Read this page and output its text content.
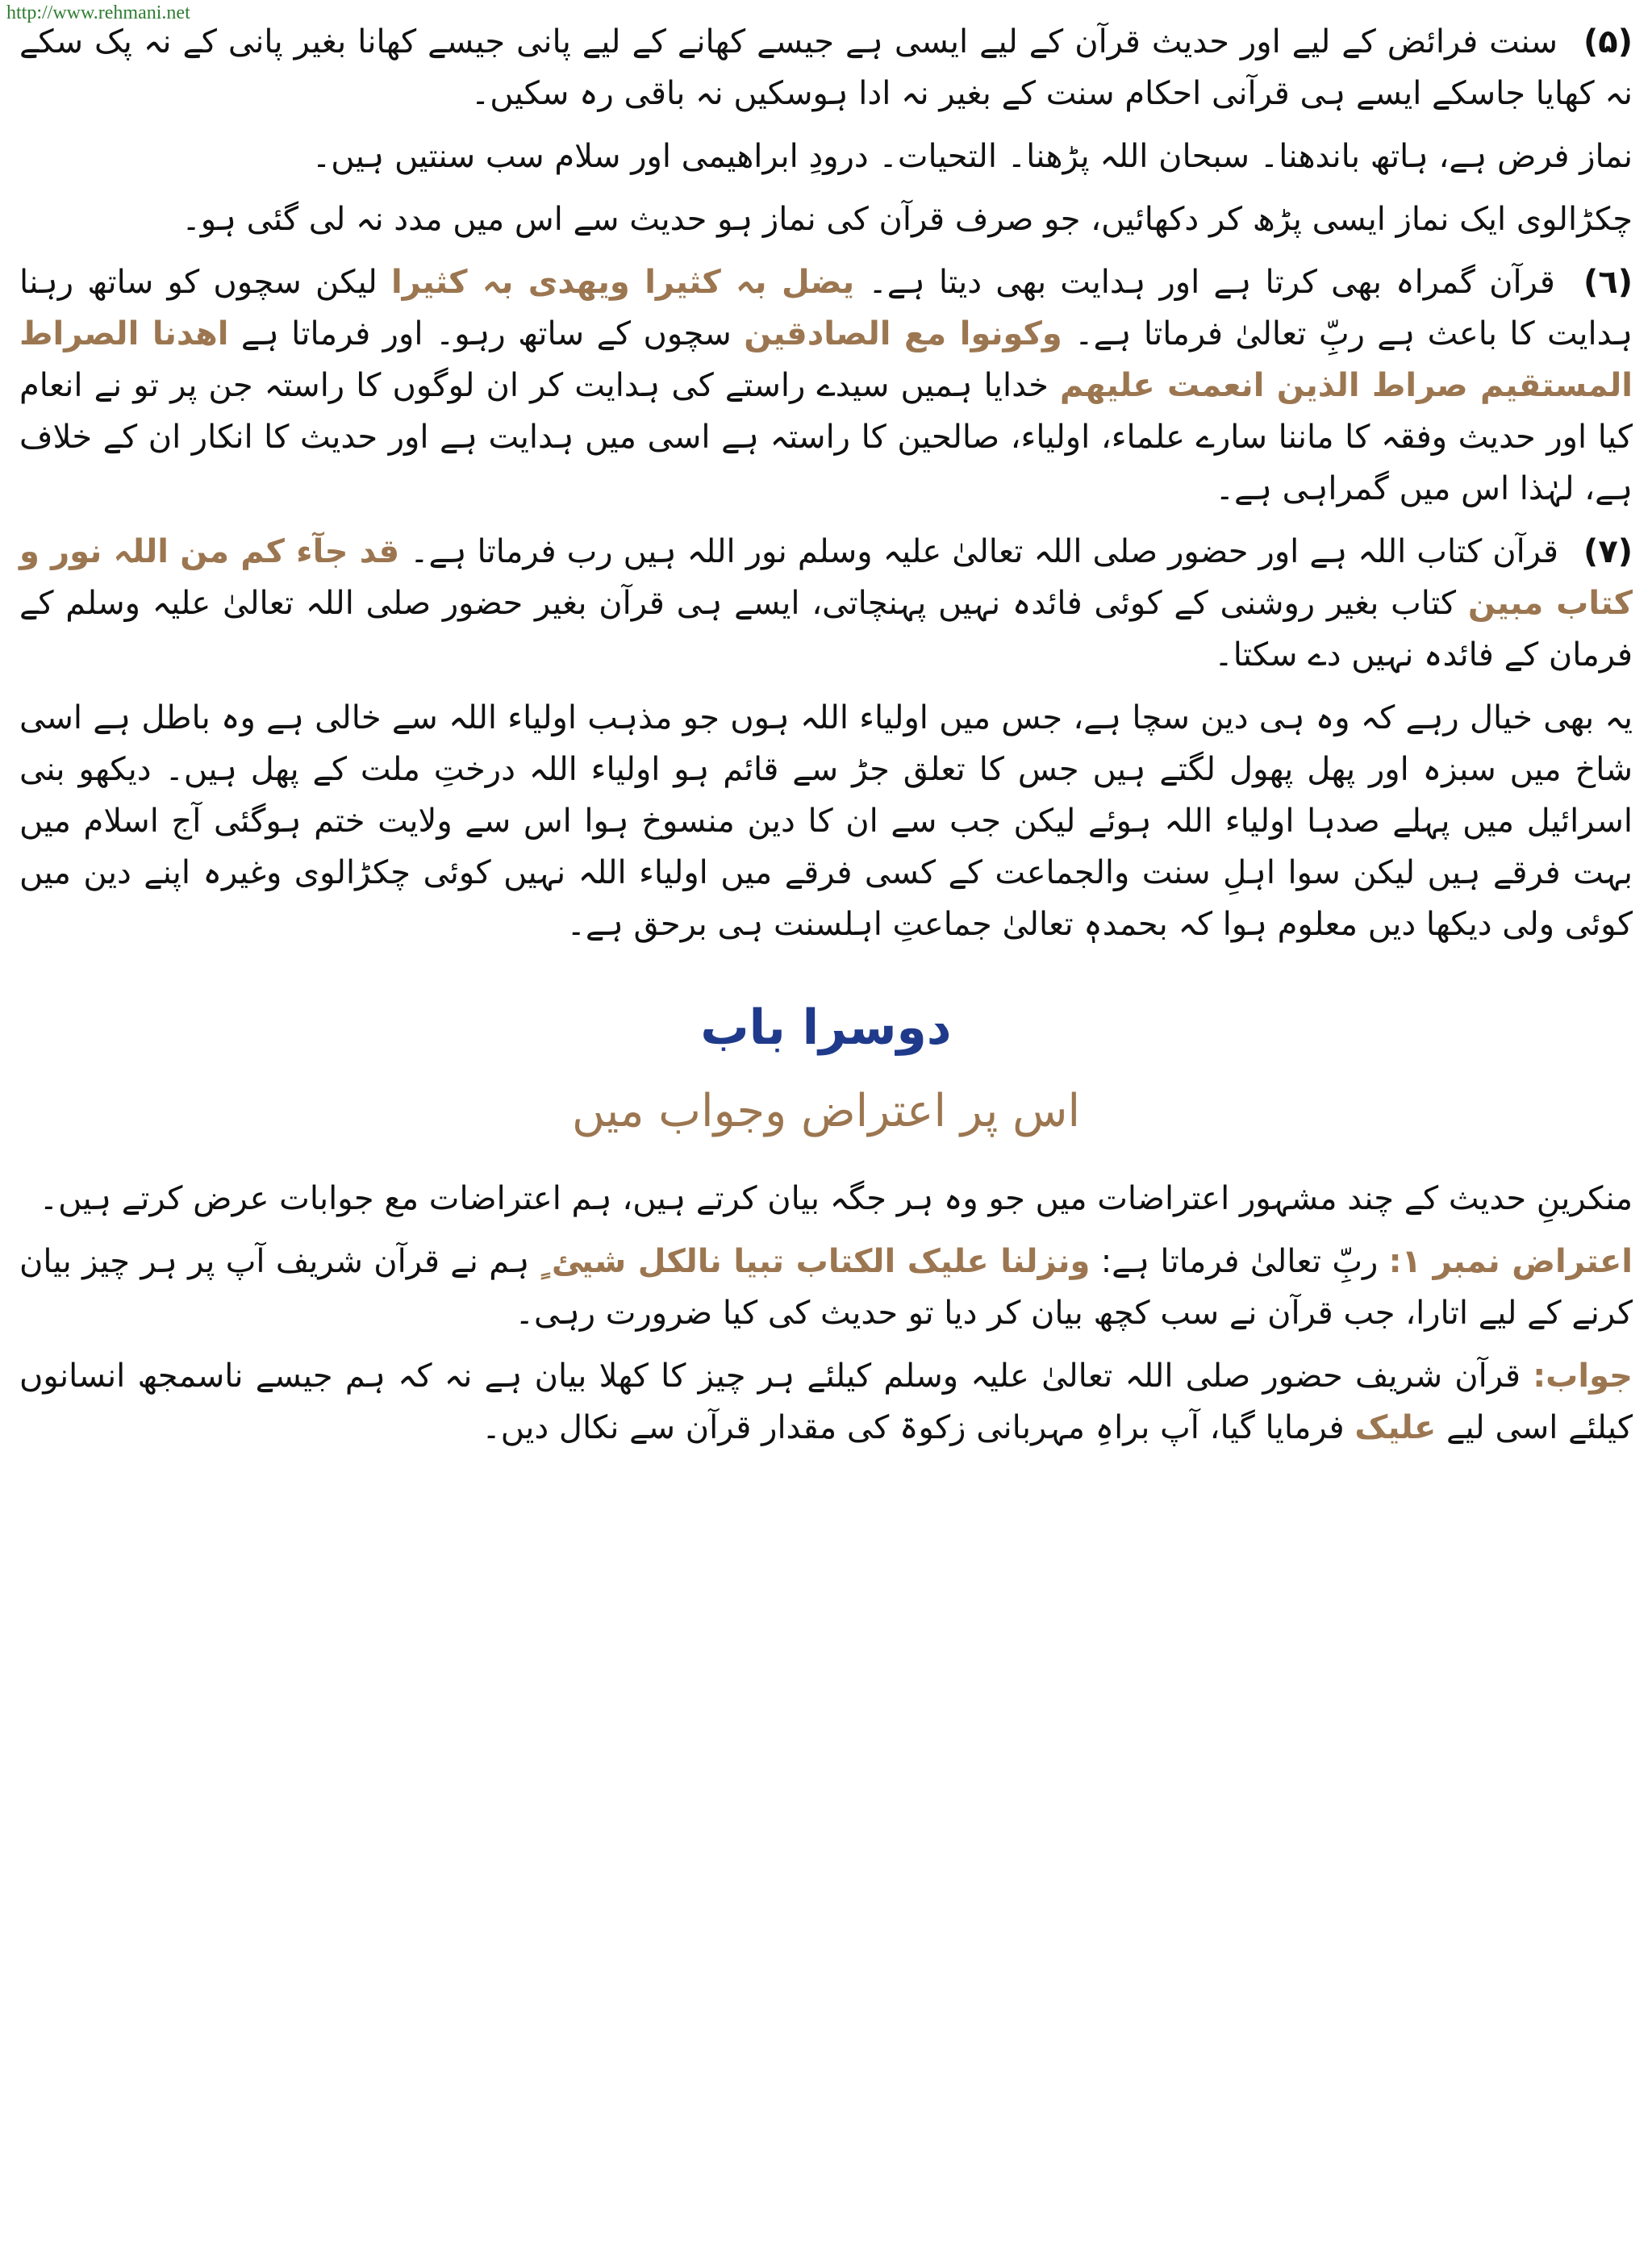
http://www.rehmani.net

(۵) سنت فرائض کے لیے اور حدیث قرآن کے لیے ایسی ہے جیسے کھانے کے لیے پانی جیسے کھانا بغیر پانی کے نہ پک سکے نہ کھایا جاسکے ایسے ہی قرآنی احکام سنت کے بغیر نہ ادا ہوسکیں نہ باقی رہ سکیں۔

نماز فرض ہے، ہاتھ باندھنا۔ سبحان اللہ پڑھنا۔ التحیات۔ درودِ ابراھیمی اور سلام سب سنتیں ہیں۔

چکڑالوی ایک نماز ایسی پڑھ کر دکھائیں، جو صرف قرآن کی نماز ہو حدیث سے اس میں مدد نہ لی گئی ہو۔

(٦) قرآن گمراہ بھی کرتا ہے اور ہدایت بھی دیتا ہے۔ یضل بہ کثیرا ویھدی بہ کثیرا لیکن سچوں کو ساتھ رہنا ہدایت کا باعث ہے ربِّ تعالیٰ فرماتا ہے۔ وکونوا مع الصادقین سچوں کے ساتھ رہو۔ اور فرماتا ہے اھدنا الصراط المستقیم صراط الذین انعمت علیھم خدایا ہمیں سیدے راستے کی ہدایت کر ان لوگوں کا راستہ جن پر تو نے انعام کیا اور حدیث وفقہ کا ماننا سارے علماء، اولیاء، صالحین کا راستہ ہے اسی میں ہدایت ہے اور حدیث کا انکار ان کے خلاف ہے، لہٰذا اس میں گمراہی ہے۔

(۷) قرآن کتاب اللہ ہے اور حضور صلی اللہ تعالیٰ علیہ وسلم نور اللہ ہیں رب فرماتا ہے۔ قد جآء کم من اللہ نور و کتاب مبین کتاب بغیر روشنی کے کوئی فائدہ نہیں پہنچاتی، ایسے ہی قرآن بغیر حضور صلی اللہ تعالیٰ علیہ وسلم کے فرمان کے فائدہ نہیں دے سکتا۔

یہ بھی خیال رہے کہ وہ ہی دین سچا ہے، جس میں اولیاء اللہ ہوں جو مذہب اولیاء اللہ سے خالی ہے وہ باطل ہے اسی شاخ میں سبزہ اور پھل پھول لگتے ہیں جس کا تعلق جڑ سے قائم ہو اولیاء اللہ درختِ ملت کے پھل ہیں۔ دیکھو بنی اسرائیل میں پہلے صدہا اولیاء اللہ ہوئے لیکن جب سے ان کا دین منسوخ ہوا اس سے ولایت ختم ہوگئی آج اسلام میں بہت فرقے ہیں لیکن سوا اہلِ سنت والجماعت کے کسی فرقے میں اولیاء اللہ نہیں کوئی چکڑالوی وغیرہ اپنے دین میں کوئی ولی دیکھا دیں معلوم ہوا کہ بحمدہٖ تعالیٰ جماعتِ اہلسنت ہی برحق ہے۔

دوسرا باب
اس پر اعتراض وجواب میں

منکرینِ حدیث کے چند مشہور اعتراضات میں جو وہ ہر جگہ بیان کرتے ہیں، ہم اعتراضات مع جوابات عرض کرتے ہیں۔

اعتراض نمبر ۱: ربِّ تعالیٰ فرماتا ہے: ونزلنا علیک الکتاب تبیا نالکل شیئ ٍ ہم نے قرآن شریف آپ پر ہر چیز بیان کرنے کے لیے اتارا، جب قرآن نے سب کچھ بیان کر دیا تو حدیث کی کیا ضرورت رہی۔

جواب: قرآن شریف حضور صلی اللہ تعالیٰ علیہ وسلم کیلئے ہر چیز کا کھلا بیان ہے نہ کہ ہم جیسے ناسمجھ انسانوں کیلئے اسی لیے علیک فرمایا گیا، آپ براہِ مہربانی زکوۃ کی مقدار قرآن سے نکال دیں۔
